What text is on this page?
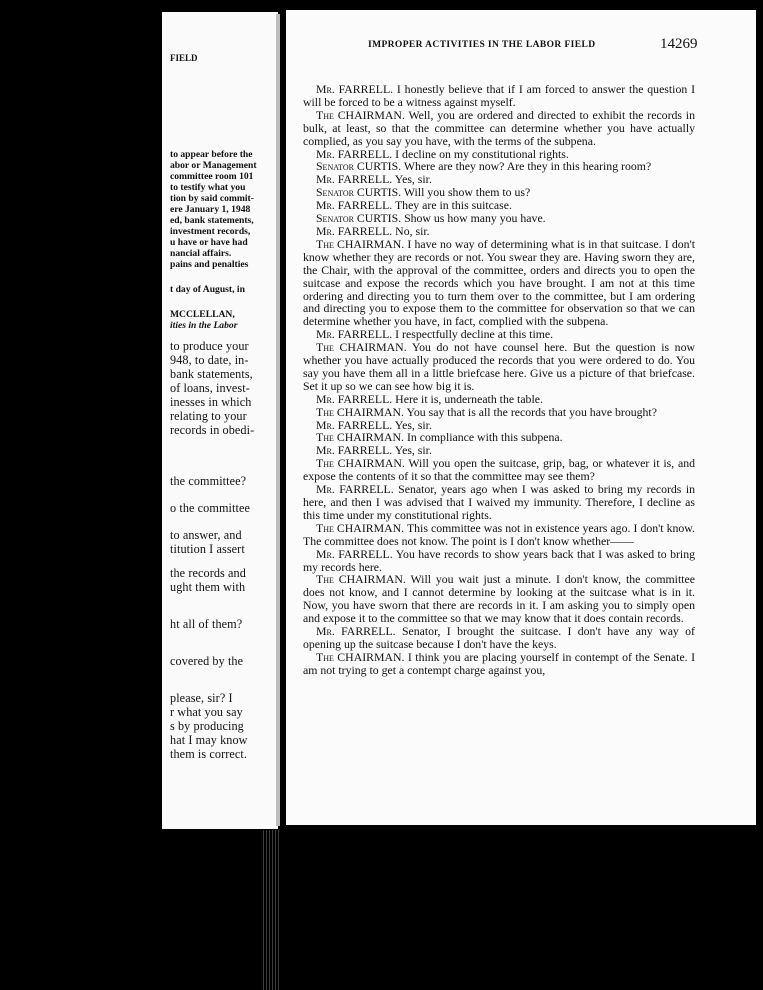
FIELD
to appear before the
abor or Management
committee room 101
to testify what you
tion by said commit-
ere January 1, 1948
ed, bank statements,
investment records,
u have or have had
nancial affairs.
pains and penalties
t day of August, in
MCCLELLAN,
ities in the Labor
to produce your
948, to date, in-
bank statements,
of loans, invest-
inesses in which
relating to your
records in obedi-
the committee?
o the committee
to answer, and
titution I assert
the records and
ught them with
ht all of them?
covered by the
please, sir? I
r what you say
s by producing
hat I may know
them is correct.
IMPROPER ACTIVITIES IN THE LABOR FIELD	14269

Mr. FARRELL. I honestly believe that if I am forced to answer the question I will be forced to be a witness against myself.

The CHAIRMAN. Well, you are ordered and directed to exhibit the records in bulk, at least, so that the committee can determine whether you have actually complied, as you say you have, with the terms of the subpena.

Mr. FARRELL. I decline on my constitutional rights.

Senator CURTIS. Where are they now? Are they in this hearing room?

Mr. FARRELL. Yes, sir.

Senator CURTIS. Will you show them to us?

Mr. FARRELL. They are in this suitcase.

Senator CURTIS. Show us how many you have.

Mr. FARRELL. No, sir.

The CHAIRMAN. I have no way of determining what is in that suitcase. I don't know whether they are records or not. You swear they are. Having sworn they are, the Chair, with the approval of the committee, orders and directs you to open the suitcase and expose the records which you have brought. I am not at this time ordering and directing you to turn them over to the committee, but I am ordering and directing you to expose them to the committee for observation so that we can determine whether you have, in fact, complied with the subpena.

Mr. FARRELL. I respectfully decline at this time.

The CHAIRMAN. You do not have counsel here. But the question is now whether you have actually produced the records that you were ordered to do. You say you have them all in a little briefcase here. Give us a picture of that briefcase. Set it up so we can see how big it is.

Mr. FARRELL. Here it is, underneath the table.

The CHAIRMAN. You say that is all the records that you have brought?

Mr. FARRELL. Yes, sir.

The CHAIRMAN. In compliance with this subpena.

Mr. FARRELL. Yes, sir.

The CHAIRMAN. Will you open the suitcase, grip, bag, or whatever it is, and expose the contents of it so that the committee may see them?

Mr. FARRELL. Senator, years ago when I was asked to bring my records in here, and then I was advised that I waived my immunity. Therefore, I decline as this time under my constitutional rights.

The CHAIRMAN. This committee was not in existence years ago. I don't know. The committee does not know. The point is I don't know whether——

Mr. FARRELL. You have records to show years back that I was asked to bring my records here.

The CHAIRMAN. Will you wait just a minute. I don't know, the committee does not know, and I cannot determine by looking at the suitcase what is in it. Now, you have sworn that there are records in it. I am asking you to simply open and expose it to the committee so that we may know that it does contain records.

Mr. FARRELL. Senator, I brought the suitcase. I don't have any way of opening up the suitcase because I don't have the keys.

The CHAIRMAN. I think you are placing yourself in contempt of the Senate. I am not trying to get a contempt charge against you,
